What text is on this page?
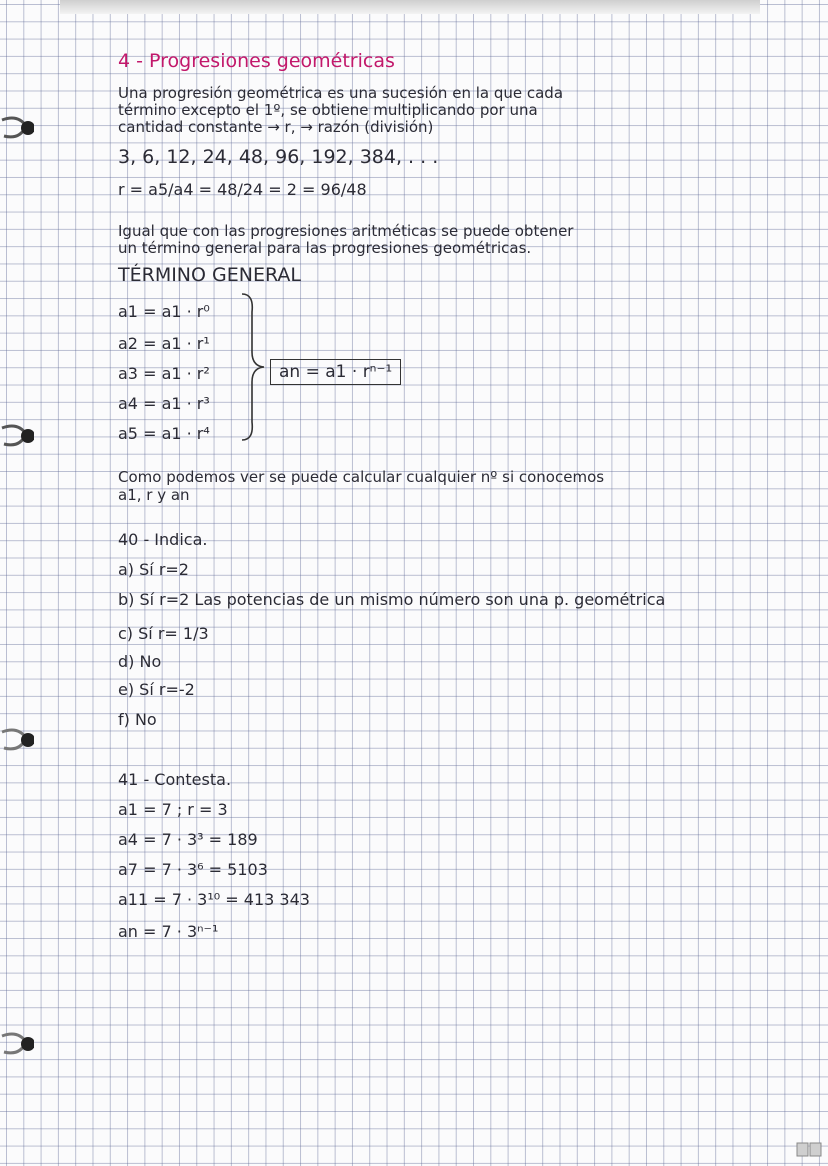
4 - Progresiones geométricas
Una progresión geométrica es una sucesión en la que cada
término excepto el 1º, se obtiene multiplicando por una
cantidad constante → r, → razón (división)
3, 6, 12, 24, 48, 96, 192, 384, . . .
r = a5/a4 = 48/24 = 2 = 96/48
Igual que con las progresiones aritméticas se puede obtener
un término general para las progresiones geométricas.
TÉRMINO GENERAL
a1 = a1 · r⁰
a2 = a1 · r¹
a3 = a1 · r²
a4 = a1 · r³
a5 = a1 · r⁴
an = a1 · rⁿ⁻¹
Como podemos ver se puede calcular cualquier nº si conocemos
a1, r y an
40 - Indica.
a) Sí r=2
b) Sí r=2 Las potencias de un mismo número son una p. geométrica
c) Sí r= 1/3
d) No
e) Sí r=-2
f) No
41 - Contesta.
a1 = 7 ; r = 3
a4 = 7 · 3³ = 189
a7 = 7 · 3⁶ = 5103
a11 = 7 · 3¹⁰ = 413 343
an = 7 · 3ⁿ⁻¹
